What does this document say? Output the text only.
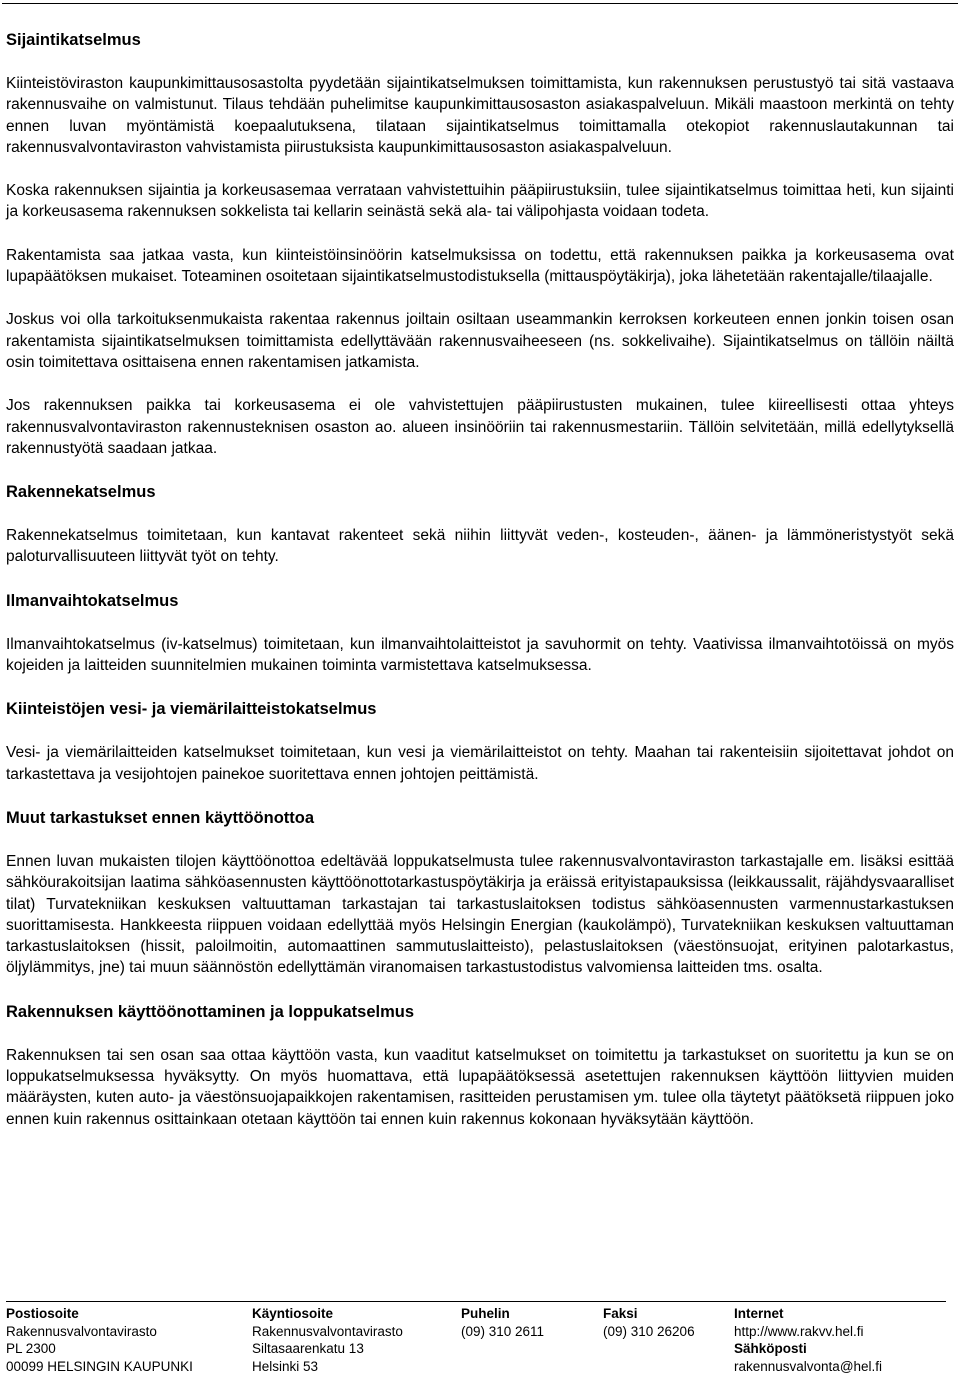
Sijaintikatselmus

Kiinteistöviraston kaupunkimittausosastolta pyydetään sijaintikatselmuksen toimittamista, kun rakennuksen perustustyö tai sitä vastaava rakennusvaihe on valmistunut. Tilaus tehdään puhelimitse kaupunkimittausosaston asiakaspalveluun. Mikäli maastoon merkintä on tehty ennen luvan myöntämistä koepaalutuksena, tilataan sijaintikatselmus toimittamalla otekopiot rakennuslautakunnan tai rakennusvalvontaviraston vahvistamista piirustuksista kaupunkimittausosaston asiakaspalveluun.

Koska rakennuksen sijaintia ja korkeusasemaa verrataan vahvistettuihin pääpiirustuksiin, tulee sijaintikatselmus toimittaa heti, kun sijainti ja korkeusasema rakennuksen sokkelista tai kellarin seinästä sekä ala- tai välipohjasta voidaan todeta.

Rakentamista saa jatkaa vasta, kun kiinteistöinsinöörin katselmuksissa on todettu, että rakennuksen paikka ja korkeusasema ovat lupapäätöksen mukaiset. Toteaminen osoitetaan sijaintikatselmustodistuksella (mittauspöytäkirja), joka lähetetään rakentajalle/tilaajalle.

Joskus voi olla tarkoituksenmukaista rakentaa rakennus joiltain osiltaan useammankin kerroksen korkeuteen ennen jonkin toisen osan rakentamista sijaintikatselmuksen toimittamista edellyttävään rakennusvaiheeseen (ns. sokkelivaihe). Sijaintikatselmus on tällöin näiltä osin toimitettava osittaisena ennen rakentamisen jatkamista.

Jos rakennuksen paikka tai korkeusasema ei ole vahvistettujen pääpiirustusten mukainen, tulee kiireellisesti ottaa yhteys rakennusvalvontaviraston rakennusteknisen osaston ao. alueen insinööriin tai rakennusmestariin. Tällöin selvitetään, millä edellytyksellä rakennustyötä saadaan jatkaa.

Rakennekatselmus

Rakennekatselmus toimitetaan, kun kantavat rakenteet sekä niihin liittyvät veden-, kosteuden-, äänen- ja lämmöneristystyöt sekä paloturvallisuuteen liittyvät työt on tehty.

Ilmanvaihtokatselmus

Ilmanvaihtokatselmus (iv-katselmus) toimitetaan, kun ilmanvaihtolaitteistot ja savuhormit on tehty. Vaativissa ilmanvaihtotöissä on myös kojeiden ja laitteiden suunnitelmien mukainen toiminta varmistettava katselmuksessa.

Kiinteistöjen vesi- ja viemärilaitteistokatselmus

Vesi- ja viemärilaitteiden katselmukset toimitetaan, kun vesi ja viemärilaitteistot on tehty. Maahan tai rakenteisiin sijoitettavat johdot on tarkastettava ja vesijohtojen painekoe suoritettava ennen johtojen peittämistä.

Muut tarkastukset ennen käyttöönottoa

Ennen luvan mukaisten tilojen käyttöönottoa edeltävää loppukatselmusta tulee rakennusvalvontaviraston tarkastajalle em. lisäksi esittää sähköurakoitsijan laatima sähköasennusten käyttöönottotarkastuspöytäkirja ja eräissä erityistapauksissa (leikkaussalit, räjähdysvaaralliset tilat) Turvatekniikan keskuksen valtuuttaman tarkastajan tai tarkastuslaitoksen todistus sähköasennusten varmennustarkastuksen suorittamisesta. Hankkeesta riippuen voidaan edellyttää myös Helsingin Energian (kaukolämpö), Turvatekniikan keskuksen valtuuttaman tarkastuslaitoksen (hissit, paloilmoitin, automaattinen sammutuslaitteisto), pelastuslaitoksen (väestönsuojat, erityinen palotarkastus, öljylämmitys, jne) tai muun säännöstön edellyttämän viranomaisen tarkastustodistus valvomiensa laitteiden tms. osalta.

Rakennuksen käyttöönottaminen ja loppukatselmus

Rakennuksen tai sen osan saa ottaa käyttöön vasta, kun vaaditut katselmukset on toimitettu ja tarkastukset on suoritettu ja kun se on loppukatselmuksessa hyväksytty. On myös huomattava, että lupapäätöksessä asetettujen rakennuksen käyttöön liittyvien muiden määräysten, kuten auto- ja väestönsuojapaikkojen rakentamisen, rasitteiden perustamisen ym. tulee olla täytetyt päätöksetä riippuen joko ennen kuin rakennus osittainkaan otetaan käyttöön tai ennen kuin rakennus kokonaan hyväksytään käyttöön.

Postiosoite
Rakennusvalvontavirasto
PL 2300
00099 HELSINGIN KAUPUNKI
Käyntiosoite
Rakennusvalvontavirasto
Siltasaarenkatu 13
Helsinki 53
Puhelin
(09) 310 2611
Faksi
(09) 310 26206
Internet
http://www.rakvv.hel.fi
Sähköposti
rakennusvalvonta@hel.fi
